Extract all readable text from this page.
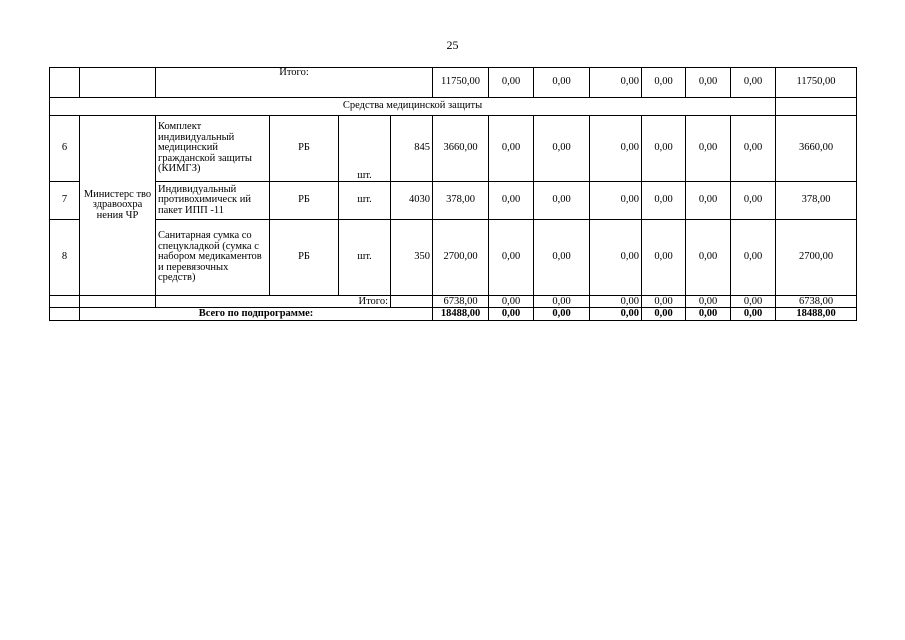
25
		Итого:				11750,00	0,00	0,00	0,00	0,00	0,00	0,00	11750,00
Средства медицинской защиты													
6	Министерс тво здравоохра нения ЧР	Комплект индивидуальный медицинский гражданской защиты (КИМГЗ)	РБ	шт.	845	3660,00	0,00	0,00	0,00	0,00	0,00	0,00	3660,00
7		Индивидуальный противохимическ ий пакет ИПП -11	РБ	шт.	4030	378,00	0,00	0,00	0,00	0,00	0,00	0,00	378,00
8		Санитарная сумка со спецукладкой (сумка с набором медикаментов и перевязочных средств)	РБ	шт.	350	2700,00	0,00	0,00	0,00	0,00	0,00	0,00	2700,00
		Итого:				6738,00	0,00	0,00	0,00	0,00	0,00	0,00	6738,00
	Всего по подпрограмме:					18488,00	0,00	0,00	0,00	0,00	0,00	0,00	18488,00
